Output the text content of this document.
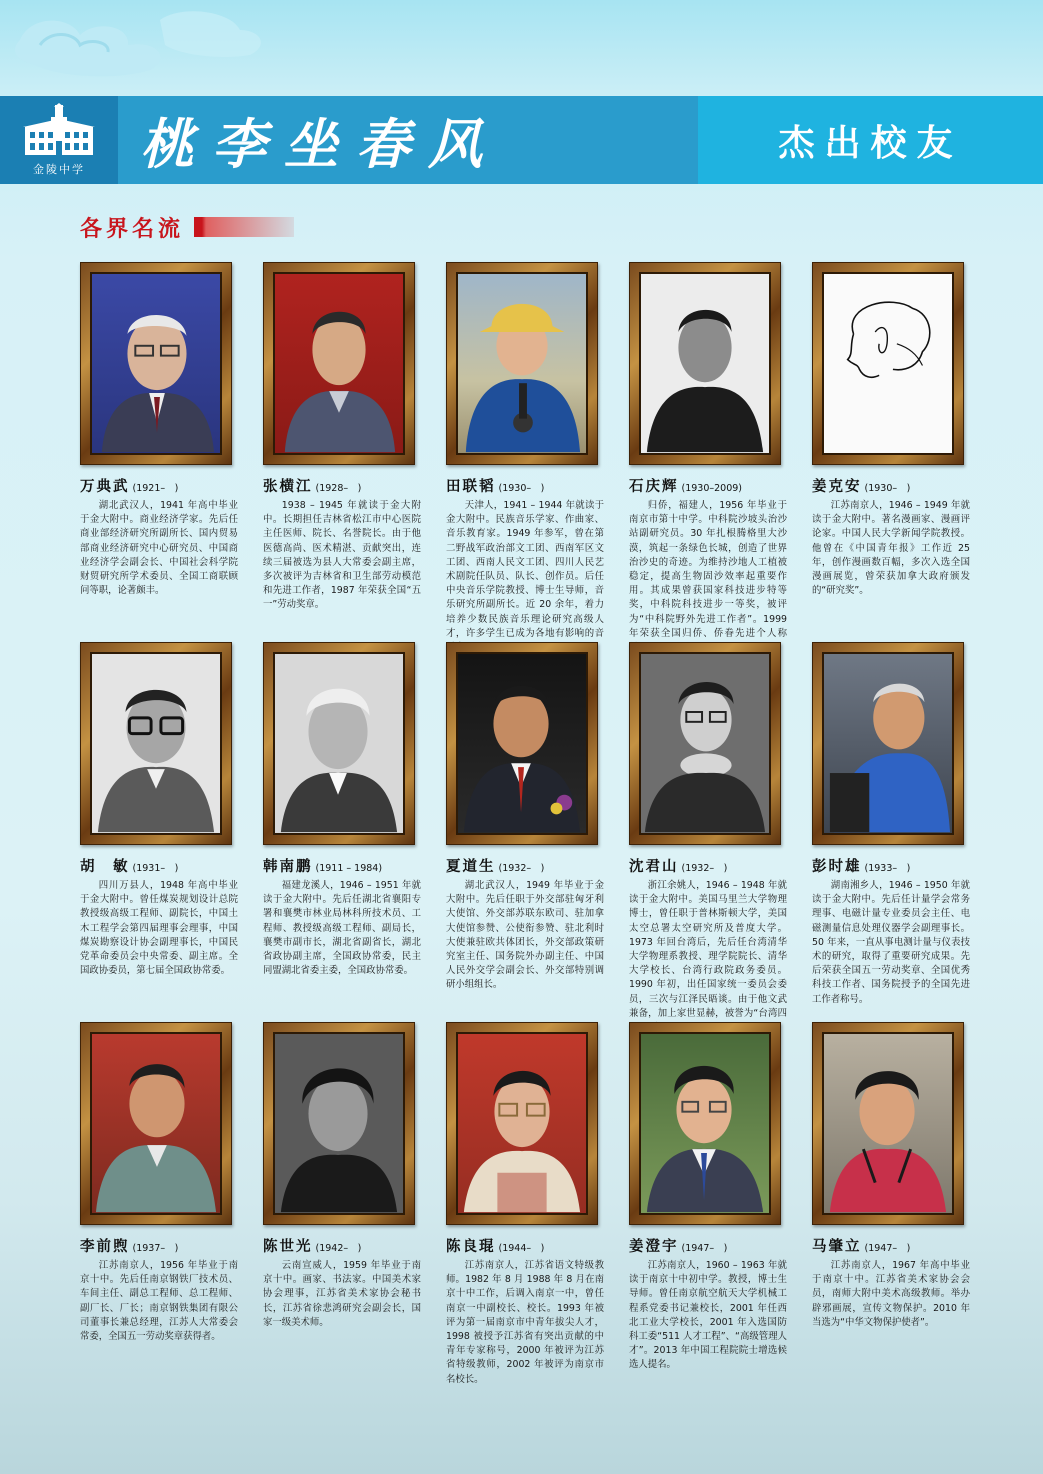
金陵中学 桃李坐春风	杰出校友
各界名流
万典武 (1921–　)
湖北武汉人，1941 年高中毕业于金大附中。商业经济学家。先后任商业部经济研究所副所长、国内贸易部商业经济研究中心研究员、中国商业经济学会副会长、中国社会科学院财贸研究所学术委员、全国工商联顾问等职，论著颇丰。
张横江 (1928–　)
1938 – 1945 年就读于金大附中。长期担任吉林省松江市中心医院主任医师、院长、名誉院长。由于他医德高尚、医术精湛、贡献突出，连续三届被选为县人大常委会副主席，多次被评为吉林省和卫生部劳动模范和先进工作者，1987 年荣获全国“五一”劳动奖章。
田联韬 (1930–　)
天津人，1941 – 1944 年就读于金大附中。民族音乐学家、作曲家、音乐教育家。1949 年参军，曾在第二野战军政治部文工团、西南军区文工团、西南人民文工团、四川人民艺术剧院任队员、队长、创作员。后任中央音乐学院教授、博士生导师，音乐研究所副所长。近 20 余年，着力培养少数民族音乐理论研究高级人才，许多学生已成为各地有影响的音
石庆辉 (1930–2009)
归侨，福建人，1956 年毕业于南京市第十中学。中科院沙坡头治沙站副研究员。30 年扎根腾格里大沙漠，筑起一条绿色长城，创造了世界治沙史的奇迹。为维持沙地人工植被稳定，提高生物固沙效率起重要作用。其成果曾获国家科技进步特等奖，中科院科技进步一等奖，被评为“中科院野外先进工作者”。1999 年荣获全国归侨、侨眷先进个人称
姜克安 (1930–　)
江苏南京人，1946 – 1949 年就读于金大附中。著名漫画家、漫画评论家。中国人民大学新闻学院教授。他曾在《中国青年报》工作近 25 年，创作漫画数百幅，多次入选全国漫画展览，曾荣获加拿大政府颁发的“研究奖”。
胡　敏 (1931–　)
四川万县人，1948 年高中毕业于金大附中。曾任煤炭规划设计总院教授级高级工程师、副院长，中国土木工程学会第四届理事会理事，中国煤炭勘察设计协会副理事长，中国民党革命委员会中央常委、副主席。全国政协委员，第七届全国政协常委。
韩南鹏 (1911 – 1984)
福建龙溪人，1946 – 1951 年就读于金大附中。先后任湖北省襄阳专署和襄樊市林业局林科所技术员、工程师、教授级高级工程师、副局长，襄樊市副市长，湖北省副省长，湖北省政协副主席，全国政协常委，民主同盟湖北省委主委，全国政协常委。
夏道生 (1932–　)
湖北武汉人，1949 年毕业于金大附中。先后任职于外交部驻匈牙利大使馆、外交部苏联东欧司、驻加拿大使馆参赞、公使衔参赞、驻北利时大使兼驻欧共体团长，外交部政策研究室主任、国务院外办副主任、中国人民外交学会副会长、外交部特别调研小组组长。
沈君山 (1932–　)
浙江余姚人，1946 – 1948 年就读于金大附中。美国马里兰大学物理博士，曾任职于普林斯顿大学，美国太空总署太空研究所及普度大学。1973 年回台湾后，先后任台湾清华大学物理系教授、理学院院长、清华大学校长、台湾行政院政务委员。1990 年初，出任国家统一委员会委员，三次与江泽民晤谈。由于他文武兼备，加上家世显赫，被誉为“台湾四
彭时雄 (1933–　)
湖南湘乡人，1946 – 1950 年就读于金大附中。先后任计量学会常务理事、电磁计量专业委员会主任、电磁测量信息处理仪器学会副理事长。50 年来，一直从事电测计量与仪表技术的研究，取得了重要研究成果。先后荣获全国五一劳动奖章、全国优秀科技工作者、国务院授予的全国先进工作者称号。
李前煦 (1937–　)
江苏南京人，1956 年毕业于南京十中。先后任南京钢铁厂技术员、车间主任、副总工程师、总工程师、副厂长、厂长；南京钢铁集团有限公司董事长兼总经理，江苏人大常委会常委，全国五一劳动奖章获得者。
陈世光 (1942–　)
云南宣威人，1959 年毕业于南京十中。画家、书法家。中国美术家协会理事，江苏省美术家协会秘书长，江苏省徐悲鸿研究会副会长，国家一级美术师。
陈良琨 (1944–　)
江苏南京人，江苏省语文特级教师。1982 年 8 月 1988 年 8 月在南京十中工作，后调入南京一中，曾任南京一中副校长、校长。1993 年被评为第一届南京市中青年拔尖人才，1998 被授予江苏省有突出贡献的中青年专家称号，2000 年被评为江苏省特级教师，2002 年被评为南京市名校长。
姜澄宇 (1947–　)
江苏南京人，1960 – 1963 年就读于南京十中初中学。教授，博士生导师。曾任南京航空航天大学机械工程系党委书记兼校长，2001 年任西北工业大学校长，2001 年入选国防科工委“511 人才工程”、“高级管理人才”。2013 年中国工程院院士增选候选人提名。
马肇立 (1947–　)
江苏南京人，1967 年高中毕业于南京十中。江苏省美术家协会会员，南师大附中美术高级教师。举办辟邪画展，宣传文物保护。2010 年当选为“中华文物保护使者”。
